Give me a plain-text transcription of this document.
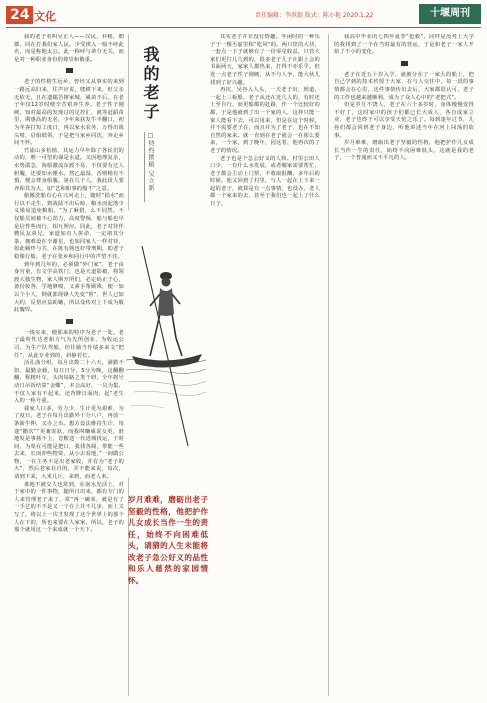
24 文化	责任编辑：李洪银 版式：陈小艳 2020.1.22	十堰周刊

我的老子名叫吴正人——汉民，朴稍，朝郡，同在打我们家人民。少受挨入一般不呼此名，而是称他太公。此一称呼与辈分无关，而是对一种职业身份的尊崇和敬重。

老子的性格生远乡，曾经又从事实的来到一路远高归来，往声应说，爬耕下来，但父亲无依无，且在遗孀苦撑家城，累苗不后。在老子年仅12岁时便辛苦艰奔生养。老子性子刚硬，知对最高的发现讨的足控汇，就等赶蹈苗里，期惠高的无名，少年荣获发牛半翻口，初为冬客打短工度日，再以家水农务，万得出战头啃，启船纸领，于是把与家乡同沈，奔走乡间不怀。

竹浦山多松植，其运力早年除了各民们的动的，唯一可望的谋是水道。又因地理复杂，水势湍急，海船激流东渡不易，不仅要有过人胆魄，还要知水懂水。然乙最湿，否则稍有不慎，便会葬身船腹。第在几个人，我此段人要养和其为大，加“艺和船事的船不”之意。

偷搬洗船有心在兴河走上，随时“损水”而行以不走生，到战陆不出后晾，粮水而起落少义梁易造免粮船。“为了砸猎，么不同然，不仅船员间被不心劫力，高度警惕，船与船也早是信性些而行，相互照应。同此，老子对待伴艘民友弟兄，家道如有人拼命，一定诸其分茶，拥难设在辛谢星，也如同家人一样对待，如此羁绊与共，在陈有熟也好带刑期，助老子稳像行船。老子在张乡和同行中的声望不佳。

到年到几年的，必须做“外门家”，老子由身官童，有文学高铁门，也是天道影被，将领渡大独生物，家人斯开所们，必定码正于心，备份妆各，学地修嗅，又素手帮顾殊，便一如以个小人，倒就郭现锋人先变“帮”，世人已如大约，反帮应益助嫩，所以众传对上下成为敬此魄悍。

一线实来，便那来的特序为老子一处。老子最所性达老和力气为先所创业，为收运公司，为生产队驾船，但往她当作绩多来文“把任”，从此专业到的，斜静若长。

活孔曲分组，每月出数二十六天，满勤不如，最勤金载，每日日分，5分为晚，这翻翻翻，称粗叶车，头肉每路之类干研，全年将号动日吊饭结算“金蝶”，本会高好，一员为集，不仅人家有不起米，还背牌日面肉，起“老生入的一称号重。

我家人口多，劳力少，生计更为艰难，为了度日，老子在每月出勤外十分八户，再放一条新牛伸，又办之币。想方设法维持生计，每逢“撒次”“更兼寄驮，而我叫赚威说女更，谁地发是事扬不上，首鞍送一代进城找运，于时间，为渠在可能是把口，我找各阔，带能一些去来，长而冲些物资，从小去看地，”一间做公物，一在主务不是出老家收，并有为“老子的大”，然后老家在自的，并不能来说，每次，请到下来，大米几斤，来到，而老人米。

谁地不被交人也常到，在南水光活上，对于家中的一件事物，随所日出来，都有专门的人来管理老子来了，常“再一碗米，就是有了一手艺的不不是又一个在上并不几步，而上又写了，将以上一次才发现了这个世界上的那个人在下的，所也来要在人家家，所以，老子的那个就用这一个来成就一个天下。

我的老子
□特约撰稿 吴立新
岁月难难，磨砺出老子坚毅的性格，他把护作儿女成长当作一生的责任，始终不向困难低头，请猜的人生未能将改老子急公好义的品性和乐人慈然的家园情怀。

其实老子并非没有情趣。冬闲时的一种乐子于一棵丕虚里和“吃风”的。两只筐的大块，一套点一下子就够有了一份零星收益，只管大家们更打几几到的，很多老子儿子在跟上会的书面两天，家家人都热来，打得不亦乐乎。但进一点老子性子刚硬，从不与人争，能大伙儿找到了好兴趣。

再次，吴谷入人头，一天老子出，到道，一起上三板船，老子从还在近几人的，有时还上至自行，而更船都的赶路，作一个比较好的都，于是他就到了出一个家的人，这样只能一家人能看下去，可以用来，但是在这个时候，并不需要老子在，而且并为了老子，也在不知自然的家来。就一直到在老子就会一在那么要来，一个家，到了晚年，因这着，他再次的了老子的情况。

老子也是个急公好义的人和。村里公田人口少，一有什么水发展，或者哪家需要帮忙，老子都会主动上门帮，不收取报酬。多年后的时候，他又回到了村里，与人一起在上下来一起的老子，就算是有一点事情，也没办，老人都一个家来的去，甚至于我们也一起上了什么日子。

我高中毕业的七四年夏季“抢救”，同样是没考上大学的我找到了一个在当时最有的营运，于是和老子一家人开始了不小的变化。

老子在近五十岁入学，就被分在了一家大的船上，把自己学到的技术传授于大家，在与人交往中，每一段的事情都会在心里，这件事情传出去后，大家都很认可，老子的工作也越来越顺利，成为了众人心中的“老把式”。

但是岁月不饶人，老子在六十多岁时，身体慢慢变得不好了，这时家中的孩子们都已长大成人，各自成家立业，老子也终于可以享受天伦之乐了。每到逢年过节，儿孙们都会回到老子身边，听他讲述当年在河上闯荡的故事。

岁月难难，磨砺出老子坚毅的性格，他把护作儿女成长当作一生的责任，始终不向困难低头，这就是我的老子，一个普通而又不平凡的人。
